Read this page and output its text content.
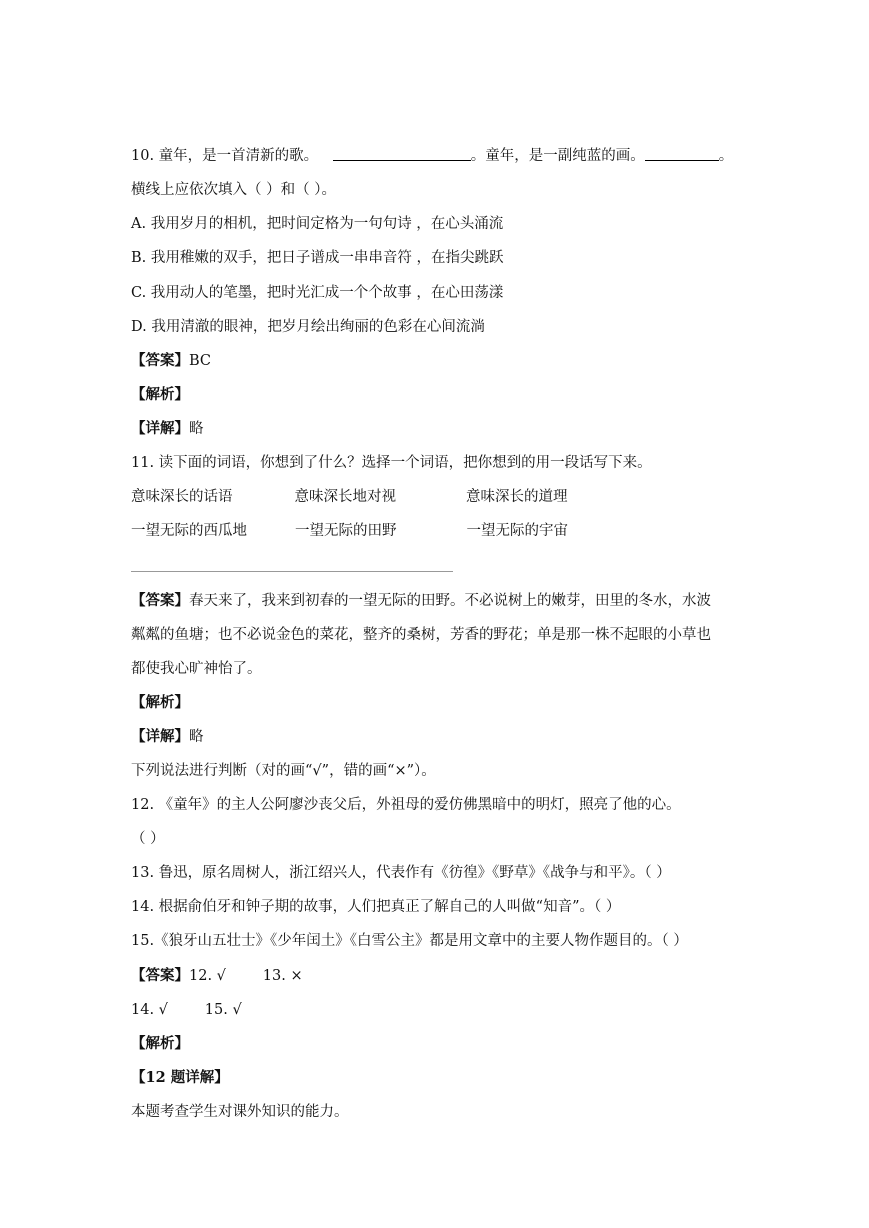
10. 童年，是一首清新的歌。	。童年，是一副纯蓝的画。	。
横线上应依次填入（ ）和（ ）。
A. 我用岁月的相机，把时间定格为一句句诗 ，在心头涌流
B. 我用稚嫩的双手，把日子谱成一串串音符 ，在指尖跳跃
C. 我用动人的笔墨，把时光汇成一个个故事 ，在心田荡漾
D. 我用清澈的眼神，把岁月绘出绚丽的色彩在心间流淌
【答案】BC
【解析】
【详解】略
11. 读下面的词语，你想到了什么？选择一个词语，把你想到的用一段话写下来。
意味深长的话语	意味深长地对视	意味深长的道理
一望无际的西瓜地	一望无际的田野	一望无际的宇宙
【答案】春天来了，我来到初春的一望无际的田野。不必说树上的嫩芽，田里的冬水，水波
粼粼的鱼塘；也不必说金色的菜花，整齐的桑树，芳香的野花；单是那一株不起眼的小草也
都使我心旷神怡了。
【解析】
【详解】略
下列说法进行判断（对的画“√”，错的画“×”）。
12. 《童年》的主人公阿廖沙丧父后，外祖母的爱仿佛黑暗中的明灯，照亮了他的心。
（ ）
13. 鲁迅，原名周树人，浙江绍兴人，代表作有《彷徨》《野草》《战争与和平》。（ ）
14. 根据俞伯牙和钟子期的故事，人们把真正了解自己的人叫做“知音”。（ ）
15.《狼牙山五壮士》《少年闰土》《白雪公主》都是用文章中的主要人物作题目的。（ ）
【答案】12. √        13. ×
14. √        15. √
【解析】
【12 题详解】
本题考查学生对课外知识的能力。
